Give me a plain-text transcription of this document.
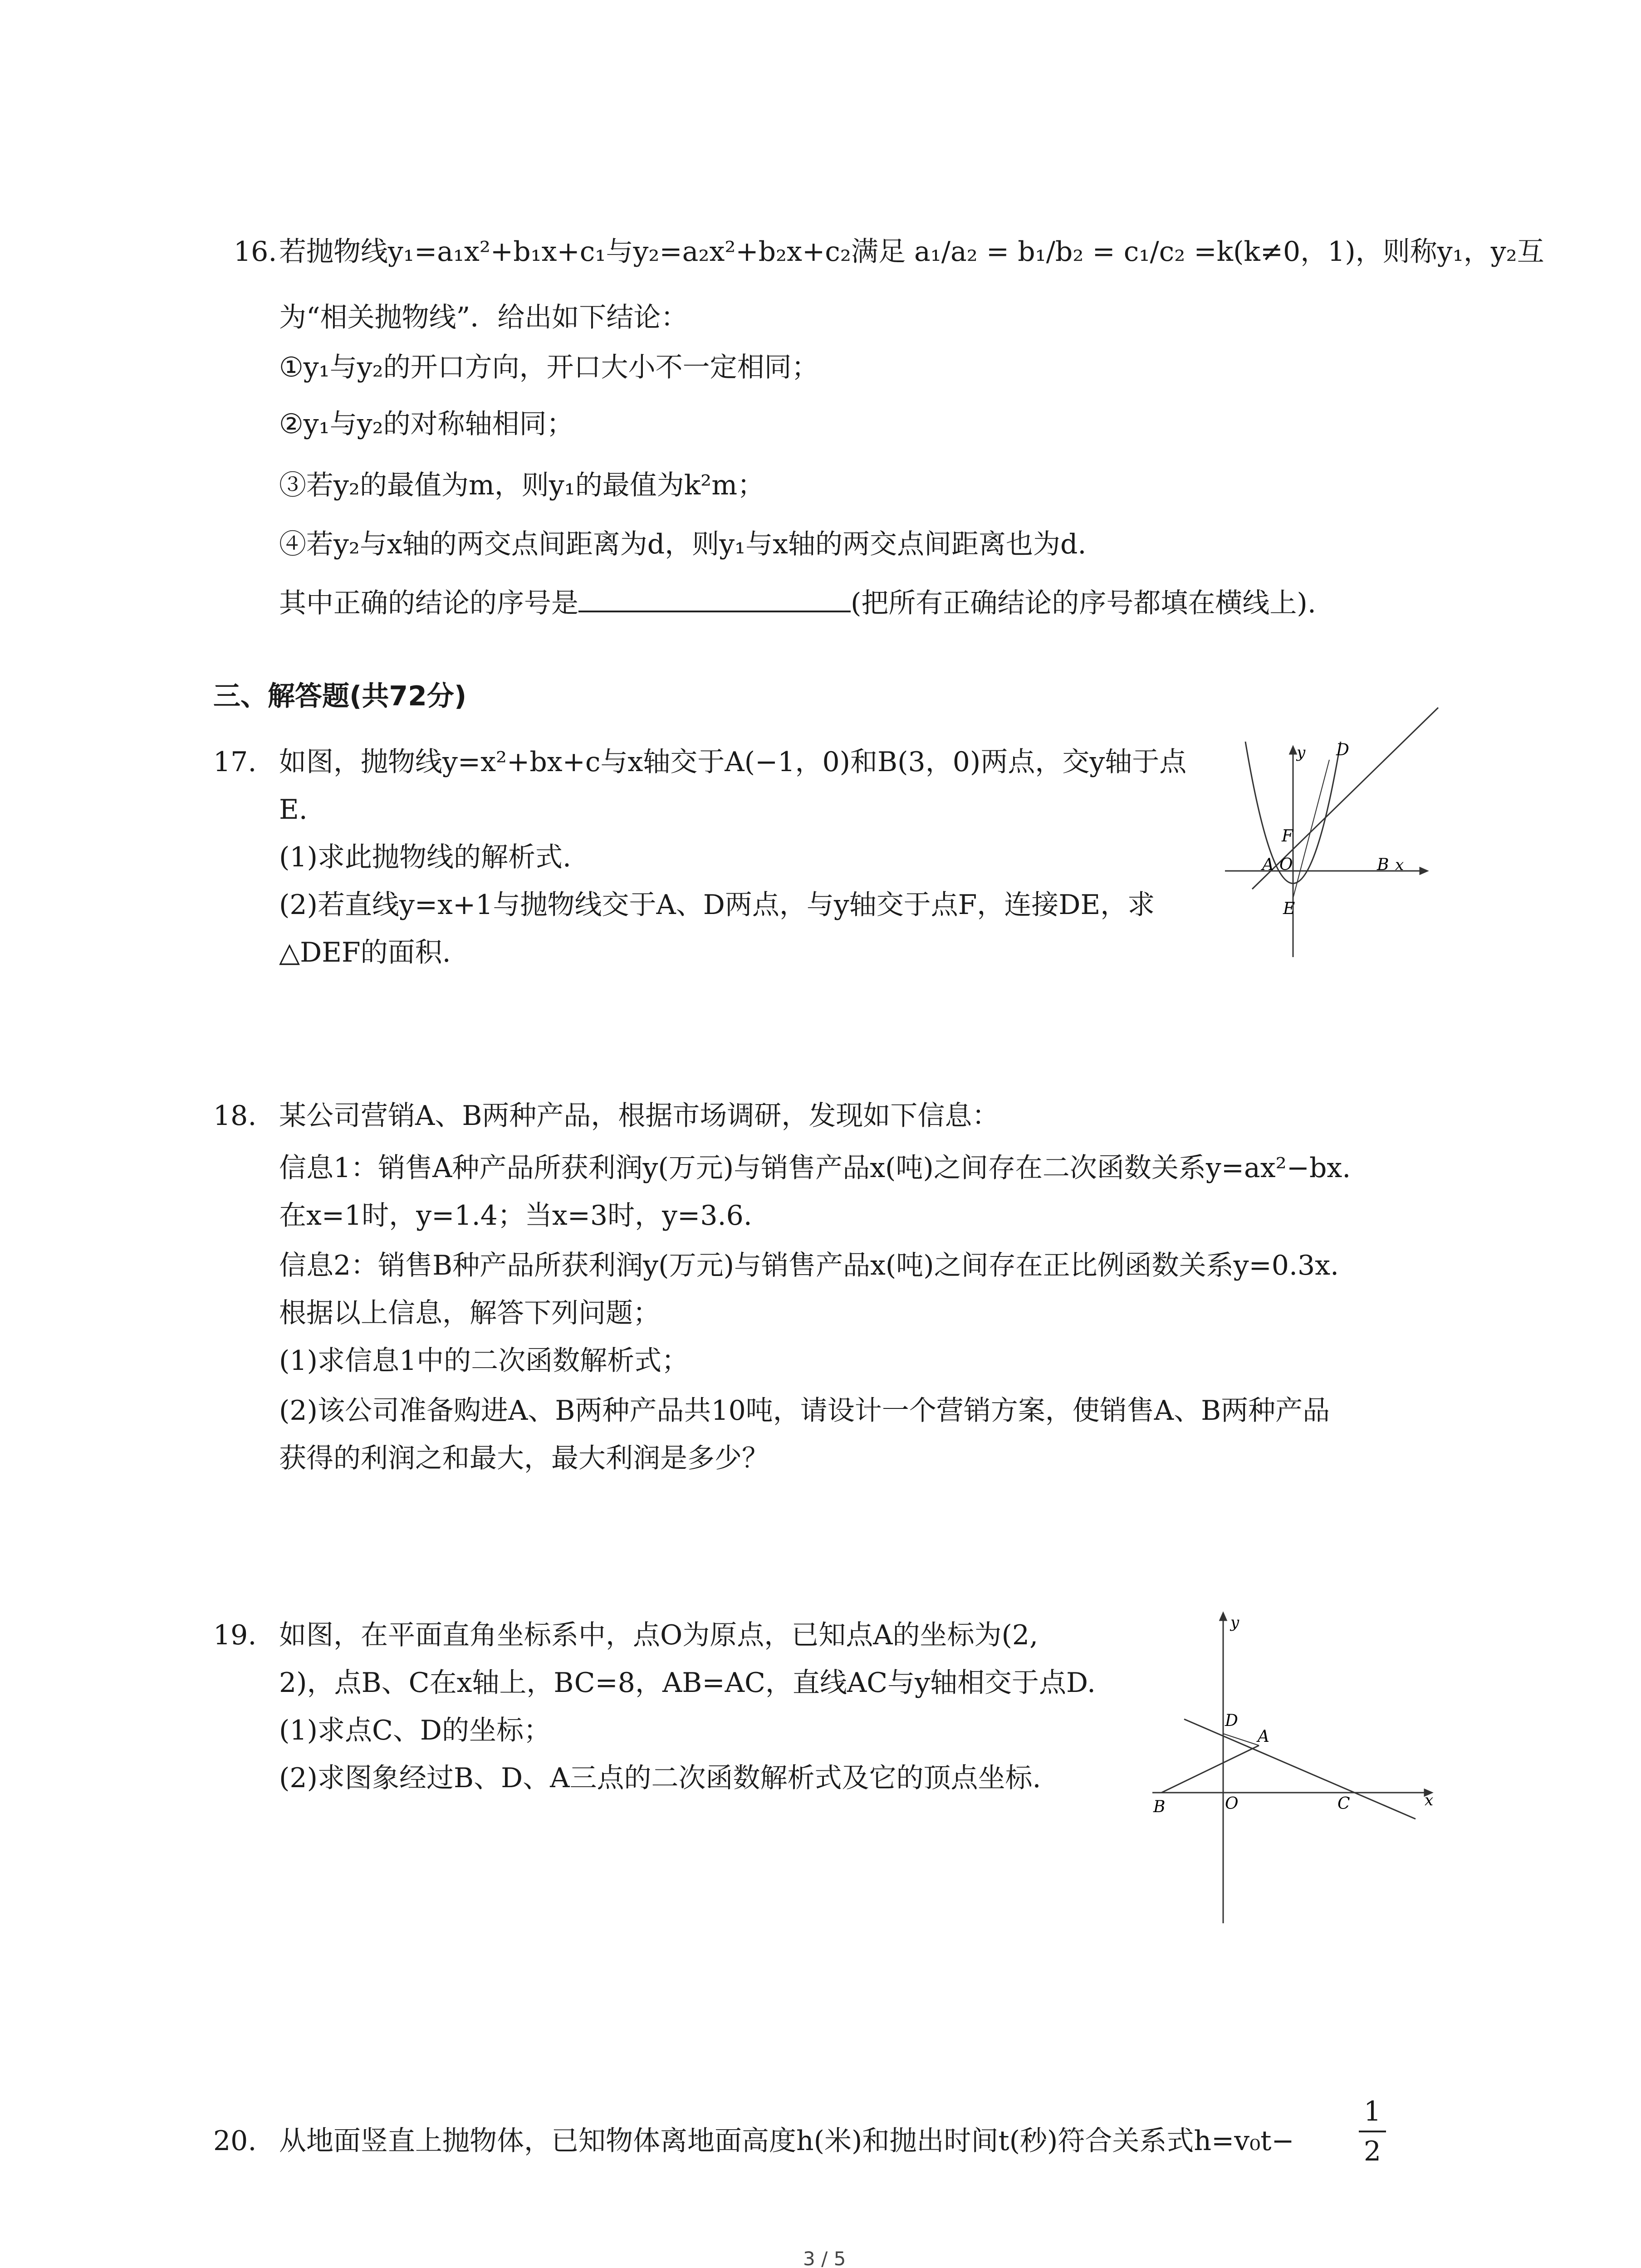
16. 若抛物线y₁=a₁x²+b₁x+c₁与y₂=a₂x²+b₂x+c₂满足 a₁/a₂ = b₁/b₂ = c₁/c₂ =k(k≠0，1)，则称y₁，y₂互
为“相关抛物线”．给出如下结论：
①y₁与y₂的开口方向，开口大小不一定相同；
②y₁与y₂的对称轴相同；
③若y₂的最值为m，则y₁的最值为k²m；
④若y₂与x轴的两交点间距离为d，则y₁与x轴的两交点间距离也为d.
其中正确的结论的序号是	(把所有正确结论的序号都填在横线上).
三、解答题(共72分)
17. 如图，抛物线y=x²+bx+c与x轴交于A(−1，0)和B(3，0)两点，交y轴于点
E.
(1)求此抛物线的解析式.
(2)若直线y=x+1与抛物线交于A、D两点，与y轴交于点F，连接DE，求
△DEF的面积.
y D
F
A O	B x
E
18. 某公司营销A、B两种产品，根据市场调研，发现如下信息：
信息1：销售A种产品所获利润y(万元)与销售产品x(吨)之间存在二次函数关系y=ax²−bx.
在x=1时，y=1.4；当x=3时，y=3.6.
信息2：销售B种产品所获利润y(万元)与销售产品x(吨)之间存在正比例函数关系y=0.3x.
根据以上信息，解答下列问题；
(1)求信息1中的二次函数解析式；
(2)该公司准备购进A、B两种产品共10吨，请设计一个营销方案，使销售A、B两种产品
获得的利润之和最大，最大利润是多少？
19. 如图，在平面直角坐标系中，点O为原点，已知点A的坐标为(2,
2)，点B、C在x轴上，BC=8，AB=AC，直线AC与y轴相交于点D.
(1)求点C、D的坐标；
(2)求图象经过B、D、A三点的二次函数解析式及它的顶点坐标.
y
D
A
B	O	C	x
20. 从地面竖直上抛物体，已知物体离地面高度h(米)和抛出时间t(秒)符合关系式h=v₀t−
1
2
3 / 5
